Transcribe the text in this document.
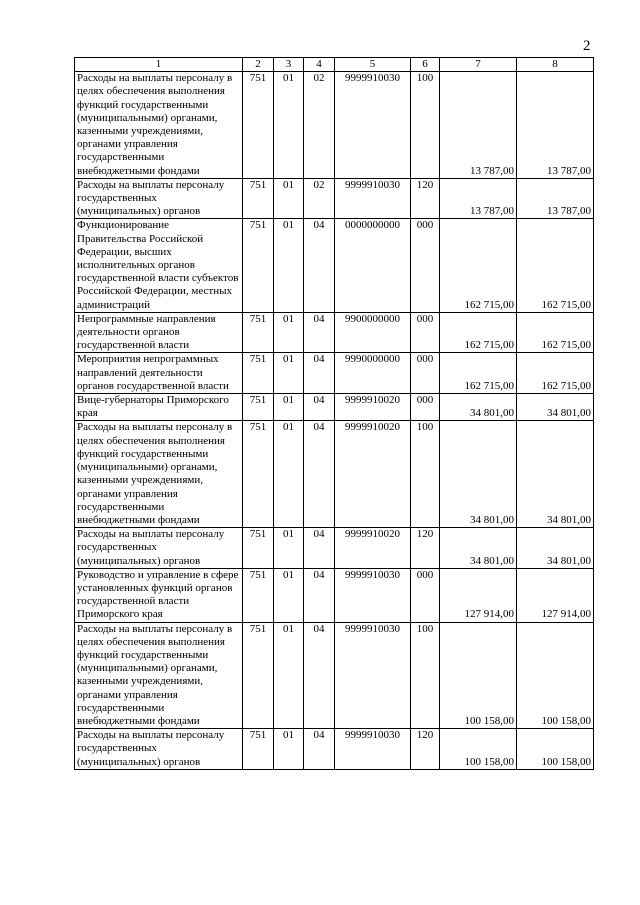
2
1	2	3	4	5	6	7	8
Расходы на выплаты персоналу в целях обеспечения выполнения функций государственными (муниципальными) органами, казенными учреждениями, органами управления государственными внебюджетными фондами	751	01	02	9999910030	100	13 787,00	13 787,00
Расходы на выплаты персоналу государственных (муниципальных) органов	751	01	02	9999910030	120	13 787,00	13 787,00
Функционирование Правительства Российской Федерации, высших исполнительных органов государственной власти субъектов Российской Федерации, местных администраций	751	01	04	0000000000	000	162 715,00	162 715,00
Непрограммные направления деятельности органов государственной власти	751	01	04	9900000000	000	162 715,00	162 715,00
Мероприятия непрограммных направлений деятельности органов государственной власти	751	01	04	9990000000	000	162 715,00	162 715,00
Вице-губернаторы Приморского края	751	01	04	9999910020	000	34 801,00	34 801,00
Расходы на выплаты персоналу в целях обеспечения выполнения функций государственными (муниципальными) органами, казенными учреждениями, органами управления государственными внебюджетными фондами	751	01	04	9999910020	100	34 801,00	34 801,00
Расходы на выплаты персоналу государственных (муниципальных) органов	751	01	04	9999910020	120	34 801,00	34 801,00
Руководство и управление в сфере установленных функций органов государственной власти Приморского края	751	01	04	9999910030	000	127 914,00	127 914,00
Расходы на выплаты персоналу в целях обеспечения выполнения функций государственными (муниципальными) органами, казенными учреждениями, органами управления государственными внебюджетными фондами	751	01	04	9999910030	100	100 158,00	100 158,00
Расходы на выплаты персоналу государственных (муниципальных) органов	751	01	04	9999910030	120	100 158,00	100 158,00
